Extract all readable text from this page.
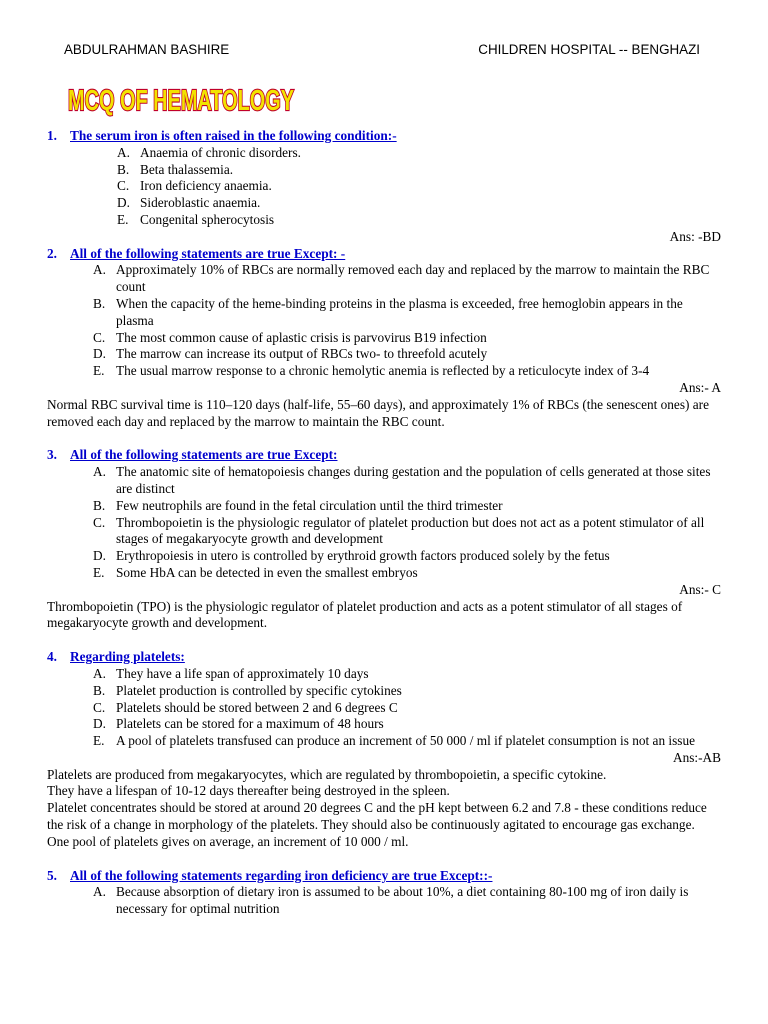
ABDULRAHMAN BASHIRE	CHILDREN HOSPITAL -- BENGHAZI
MCQ OF HEMATOLOGY
1. The serum iron is often raised in the following condition:-
A. Anaemia of chronic disorders.
B. Beta thalassemia.
C. Iron deficiency anaemia.
D. Sideroblastic anaemia.
E. Congenital spherocytosis
Ans: -BD
2. All of the following statements are true Except: -
A. Approximately 10% of RBCs are normally removed each day and replaced by the marrow to maintain the RBC count
B. When the capacity of the heme-binding proteins in the plasma is exceeded, free hemoglobin appears in the plasma
C. The most common cause of aplastic crisis is parvovirus B19 infection
D. The marrow can increase its output of RBCs two- to threefold acutely
E. The usual marrow response to a chronic hemolytic anemia is reflected by a reticulocyte index of 3-4
Ans:- A
Normal RBC survival time is 110–120 days (half-life, 55–60 days), and approximately 1% of RBCs (the senescent ones) are removed each day and replaced by the marrow to maintain the RBC count.
3. All of the following statements are true Except:
A. The anatomic site of hematopoiesis changes during gestation and the population of cells generated at those sites are distinct
B. Few neutrophils are found in the fetal circulation until the third trimester
C. Thrombopoietin is the physiologic regulator of platelet production but does not act as a potent stimulator of all stages of megakaryocyte growth and development
D. Erythropoiesis in utero is controlled by erythroid growth factors produced solely by the fetus
E. Some HbA can be detected in even the smallest embryos
Ans:- C
Thrombopoietin (TPO) is the physiologic regulator of platelet production and acts as a potent stimulator of all stages of megakaryocyte growth and development.
4. Regarding platelets:
A. They have a life span of approximately 10 days
B. Platelet production is controlled by specific cytokines
C. Platelets should be stored between 2 and 6 degrees C
D. Platelets can be stored for a maximum of 48 hours
E. A pool of platelets transfused can produce an increment of 50 000 / ml if platelet consumption is not an issue
Ans:-AB
Platelets are produced from megakaryocytes, which are regulated by thrombopoietin, a specific cytokine.
They have a lifespan of 10-12 days thereafter being destroyed in the spleen.
Platelet concentrates should be stored at around 20 degrees C and the pH kept between 6.2 and 7.8 - these conditions reduce the risk of a change in morphology of the platelets. They should also be continuously agitated to encourage gas exchange.
One pool of platelets gives on average, an increment of 10 000 / ml.
5. All of the following statements regarding iron deficiency are true Except::-
A. Because absorption of dietary iron is assumed to be about 10%, a diet containing 80-100 mg of iron daily is necessary for optimal nutrition
